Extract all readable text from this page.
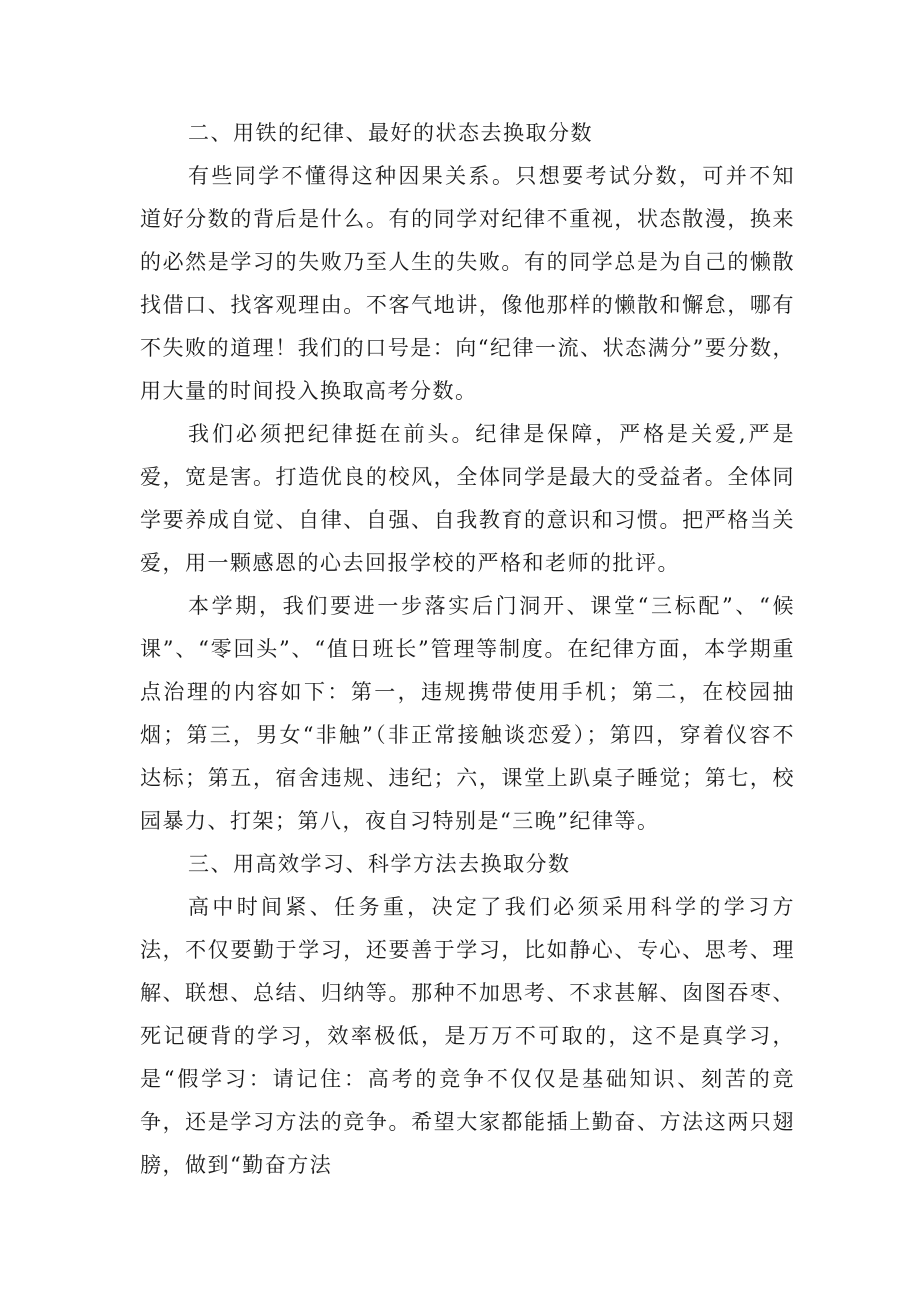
二、用铁的纪律、最好的状态去换取分数

有些同学不懂得这种因果关系。只想要考试分数，可并不知道好分数的背后是什么。有的同学对纪律不重视，状态散漫，换来的必然是学习的失败乃至人生的失败。有的同学总是为自己的懒散找借口、找客观理由。不客气地讲，像他那样的懒散和懈怠，哪有不失败的道理！我们的口号是：向“纪律一流、状态满分”要分数，用大量的时间投入换取高考分数。

我们必须把纪律挺在前头。纪律是保障，严格是关爱,严是爱，宽是害。打造优良的校风，全体同学是最大的受益者。全体同学要养成自觉、自律、自强、自我教育的意识和习惯。把严格当关爱，用一颗感恩的心去回报学校的严格和老师的批评。

本学期，我们要进一步落实后门洞开、课堂“三标配”、“候课”、“零回头”、“值日班长”管理等制度。在纪律方面，本学期重点治理的内容如下：第一，违规携带使用手机；第二，在校园抽烟；第三，男女“非触”（非正常接触谈恋爱）；第四，穿着仪容不达标；第五，宿舍违规、违纪；六，课堂上趴桌子睡觉；第七，校园暴力、打架；第八，夜自习特别是“三晚”纪律等。

三、用高效学习、科学方法去换取分数

高中时间紧、任务重，决定了我们必须采用科学的学习方法，不仅要勤于学习，还要善于学习，比如静心、专心、思考、理解、联想、总结、归纳等。那种不加思考、不求甚解、囱图吞枣、死记硬背的学习，效率极低，是万万不可取的，这不是真学习，是“假学习：请记住：高考的竞争不仅仅是基础知识、刻苦的竞争，还是学习方法的竞争。希望大家都能插上勤奋、方法这两只翅膀，做到“勤奋方法
